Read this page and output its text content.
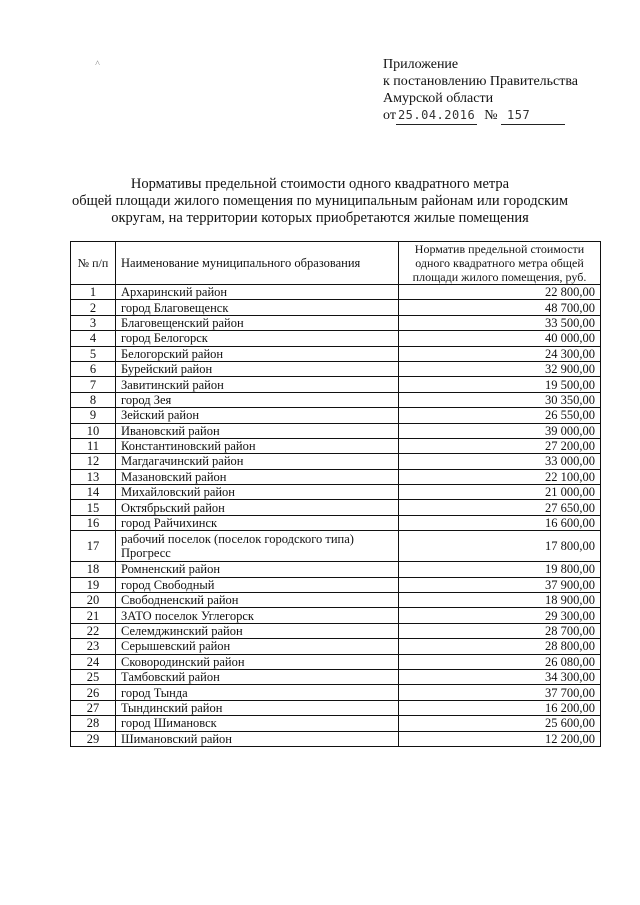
Приложение
к постановлению Правительства
Амурской области
от 25.04.2016 № 157
Нормативы предельной стоимости одного квадратного метра
общей площади жилого помещения по муниципальным районам или городским
округам, на территории которых приобретаются жилые помещения
№ п/п	Наименование муниципального образования	Норматив предельной стоимости одного квадратного метра общей площади жилого помещения, руб.
1	Архаринский район	22 800,00
2	город Благовещенск	48 700,00
3	Благовещенский район	33 500,00
4	город Белогорск	40 000,00
5	Белогорский район	24 300,00
6	Бурейский район	32 900,00
7	Завитинский район	19 500,00
8	город Зея	30 350,00
9	Зейский район	26 550,00
10	Ивановский район	39 000,00
11	Константиновский район	27 200,00
12	Магдагачинский район	33 000,00
13	Мазановский район	22 100,00
14	Михайловский район	21 000,00
15	Октябрьский район	27 650,00
16	город Райчихинск	16 600,00
17	рабочий поселок (поселок городского типа) Прогресс	17 800,00
18	Ромненский район	19 800,00
19	город Свободный	37 900,00
20	Свободненский район	18 900,00
21	ЗАТО поселок Углегорск	29 300,00
22	Селемджинский район	28 700,00
23	Серышевский район	28 800,00
24	Сковородинский район	26 080,00
25	Тамбовский район	34 300,00
26	город Тында	37 700,00
27	Тындинский район	16 200,00
28	город Шимановск	25 600,00
29	Шимановский район	12 200,00
˄
